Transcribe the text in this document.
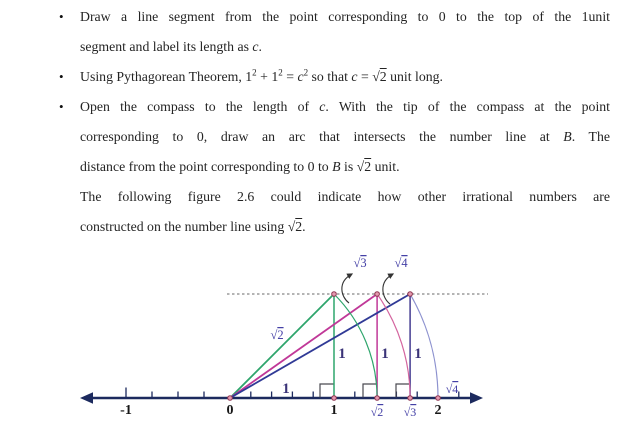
• Draw a line segment from the point corresponding to 0 to the top of the 1unit
segment and label its length as c.
• Using Pythagorean Theorem, $1^2 + 1^2 = c^2$ so that c = √2 unit long.
• Open the compass to the length of c. With the tip of the compass at the point
corresponding to 0, draw an arc that intersects the number line at B. The
distance from the point corresponding to 0 to B is √2 unit.
The following figure 2.6 could indicate how other irrational numbers are
constructed on the number line using √2.
√3 √4
√2
1
1 1 1
-1	0	1	2
√2 √3
√4
